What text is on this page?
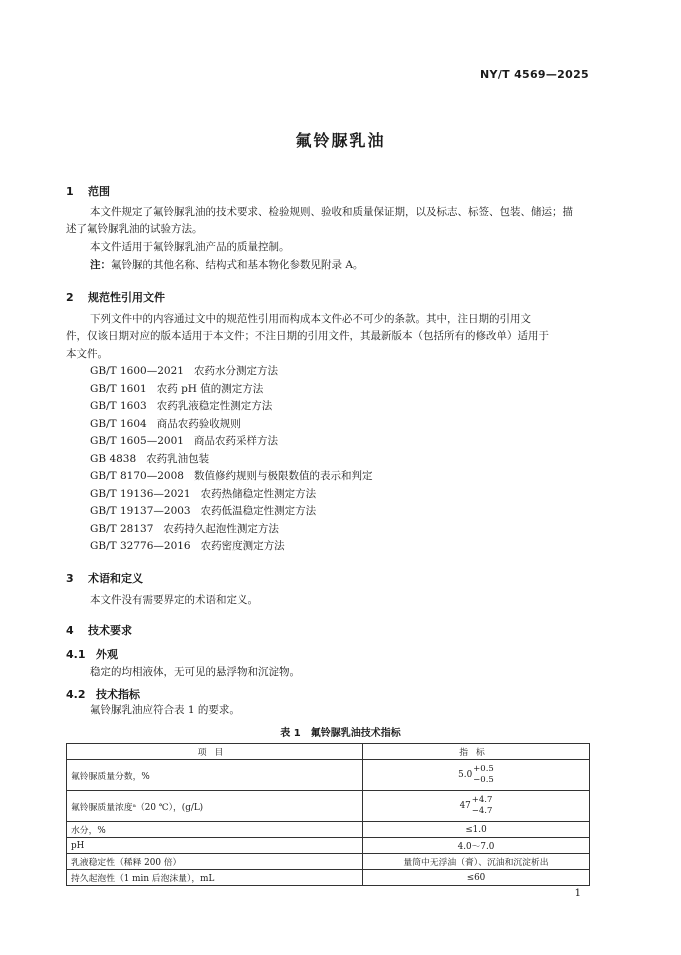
NY/T 4569—2025
氟铃脲乳油
1 范围
本文件规定了氟铃脲乳油的技术要求、检验规则、验收和质量保证期，以及标志、标签、包装、储运；描
述了氟铃脲乳油的试验方法。
本文件适用于氟铃脲乳油产品的质量控制。
注：氟铃脲的其他名称、结构式和基本物化参数见附录 A。
2 规范性引用文件
下列文件中的内容通过文中的规范性引用而构成本文件必不可少的条款。其中，注日期的引用文
件，仅该日期对应的版本适用于本文件；不注日期的引用文件，其最新版本（包括所有的修改单）适用于
本文件。
GB/T 1600—2021 农药水分测定方法
GB/T 1601 农药 pH 值的测定方法
GB/T 1603 农药乳液稳定性测定方法
GB/T 1604 商品农药验收规则
GB/T 1605—2001 商品农药采样方法
GB 4838 农药乳油包装
GB/T 8170—2008 数值修约规则与极限数值的表示和判定
GB/T 19136—2021 农药热储稳定性测定方法
GB/T 19137—2003 农药低温稳定性测定方法
GB/T 28137 农药持久起泡性测定方法
GB/T 32776—2016 农药密度测定方法
3 术语和定义
本文件没有需要界定的术语和定义。
4 技术要求
4.1 外观
稳定的均相液体，无可见的悬浮物和沉淀物。
4.2 技术指标
氟铃脲乳油应符合表 1 的要求。
表 1　氟铃脲乳油技术指标
项目	指标
氟铃脲质量分数，%	5.0+0.5
−0.5
氟铃脲质量浓度ᵃ（20 ℃），(g/L)	47+4.7
−4.7
水分，%	≤1.0
pH	4.0～7.0
乳液稳定性（稀释 200 倍）	量筒中无浮油（膏）、沉油和沉淀析出
持久起泡性（1 min 后泡沫量），mL	≤60
1
